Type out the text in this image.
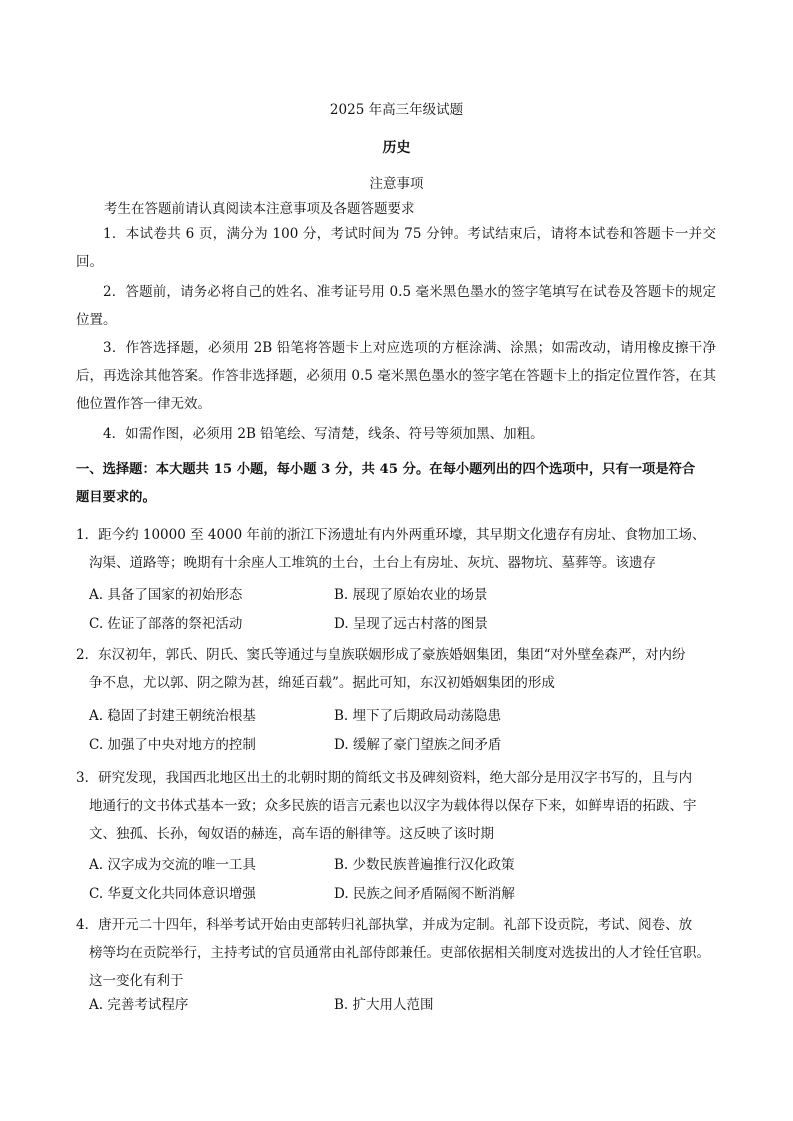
2025 年高三年级试题
历史
注意事项
考生在答题前请认真阅读本注意事项及各题答题要求
1．本试卷共 6 页，满分为 100 分，考试时间为 75 分钟。考试结束后，请将本试卷和答题卡一并交回。
2．答题前，请务必将自己的姓名、准考证号用 0.5 毫米黑色墨水的签字笔填写在试卷及答题卡的规定位置。
3．作答选择题，必须用 2B 铅笔将答题卡上对应选项的方框涂满、涂黑；如需改动，请用橡皮擦干净后，再选涂其他答案。作答非选择题，必须用 0.5 毫米黑色墨水的签字笔在答题卡上的指定位置作答，在其他位置作答一律无效。
4．如需作图，必须用 2B 铅笔绘、写清楚，线条、符号等须加黑、加粗。
一、选择题：本大题共 15 小题，每小题 3 分，共 45 分。在每小题列出的四个选项中，只有一项是符合
题目要求的。
1．距今约 10000 至 4000 年前的浙江下汤遗址有内外两重环壕，其早期文化遗存有房址、食物加工场、
沟渠、道路等；晚期有十余座人工堆筑的土台，土台上有房址、灰坑、器物坑、墓葬等。该遗存
A. 具备了国家的初始形态	B. 展现了原始农业的场景
C. 佐证了部落的祭祀活动	D. 呈现了远古村落的图景
2．东汉初年，郭氏、阴氏、窦氏等通过与皇族联姻形成了豪族婚姻集团，集团“对外壁垒森严，对内纷
争不息，尤以郭、阴之隙为甚，绵延百载”。据此可知，东汉初婚姻集团的形成
A. 稳固了封建王朝统治根基	B. 埋下了后期政局动荡隐患
C. 加强了中央对地方的控制	D. 缓解了豪门望族之间矛盾
3．研究发现，我国西北地区出土的北朝时期的简纸文书及碑刻资料，绝大部分是用汉字书写的，且与内
地通行的文书体式基本一致；众多民族的语言元素也以汉字为载体得以保存下来，如鲜卑语的拓跋、宇
文、独孤、长孙，匈奴语的赫连，高车语的斛律等。这反映了该时期
A. 汉字成为交流的唯一工具	B. 少数民族普遍推行汉化政策
C. 华夏文化共同体意识增强	D. 民族之间矛盾隔阂不断消解
4．唐开元二十四年，科举考试开始由吏部转归礼部执掌，并成为定制。礼部下设贡院，考试、阅卷、放
榜等均在贡院举行，主持考试的官员通常由礼部侍郎兼任。吏部依据相关制度对选拔出的人才铨任官职。
这一变化有利于
A. 完善考试程序	B. 扩大用人范围
